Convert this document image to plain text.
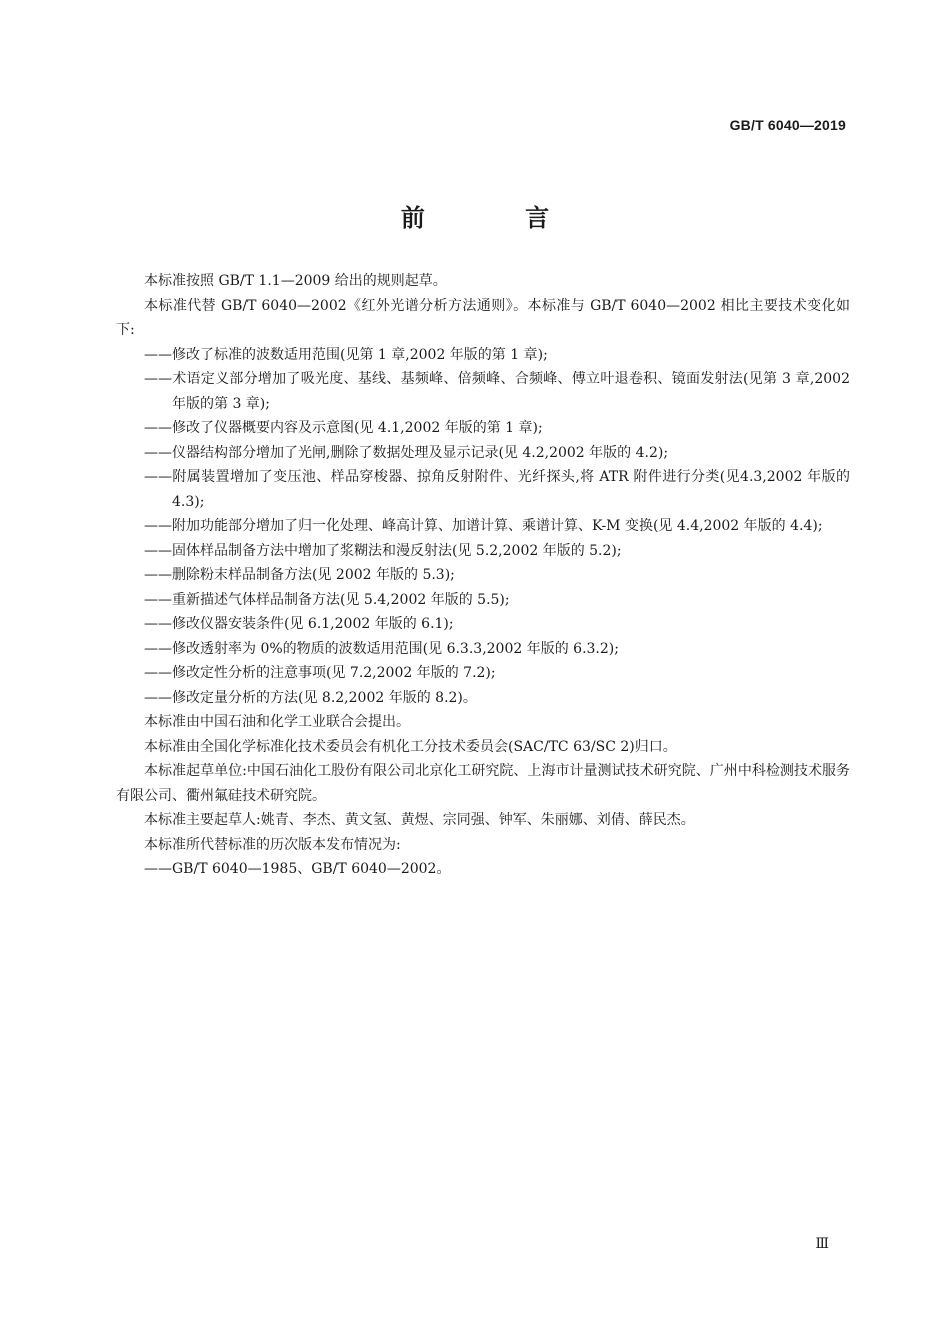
GB/T 6040—2019
前 言

本标准按照 GB/T 1.1—2009 给出的规则起草。

本标准代替 GB/T 6040—2002《红外光谱分析方法通则》。本标准与 GB/T 6040—2002 相比主要技术变化如下:

——修改了标准的波数适用范围(见第 1 章,2002 年版的第 1 章);

——术语定义部分增加了吸光度、基线、基频峰、倍频峰、合频峰、傅立叶退卷积、镜面发射法(见第 3 章,2002 年版的第 3 章);

——修改了仪器概要内容及示意图(见 4.1,2002 年版的第 1 章);

——仪器结构部分增加了光闸,删除了数据处理及显示记录(见 4.2,2002 年版的 4.2);

——附属装置增加了变压池、样品穿梭器、掠角反射附件、光纤探头,将 ATR 附件进行分类(见4.3,2002 年版的 4.3);

——附加功能部分增加了归一化处理、峰高计算、加谱计算、乘谱计算、K-M 变换(见 4.4,2002 年版的 4.4);

——固体样品制备方法中增加了浆糊法和漫反射法(见 5.2,2002 年版的 5.2);

——删除粉末样品制备方法(见 2002 年版的 5.3);

——重新描述气体样品制备方法(见 5.4,2002 年版的 5.5);

——修改仪器安装条件(见 6.1,2002 年版的 6.1);

——修改透射率为 0%的物质的波数适用范围(见 6.3.3,2002 年版的 6.3.2);

——修改定性分析的注意事项(见 7.2,2002 年版的 7.2);

——修改定量分析的方法(见 8.2,2002 年版的 8.2)。

本标准由中国石油和化学工业联合会提出。

本标准由全国化学标准化技术委员会有机化工分技术委员会(SAC/TC 63/SC 2)归口。

本标准起草单位:中国石油化工股份有限公司北京化工研究院、上海市计量测试技术研究院、广州中科检测技术服务有限公司、衢州氟硅技术研究院。

本标准主要起草人:姚青、李杰、黄文氢、黄煜、宗同强、钟军、朱丽娜、刘倩、薛民杰。

本标准所代替标准的历次版本发布情况为:

——GB/T 6040—1985、GB/T 6040—2002。

Ⅲ
